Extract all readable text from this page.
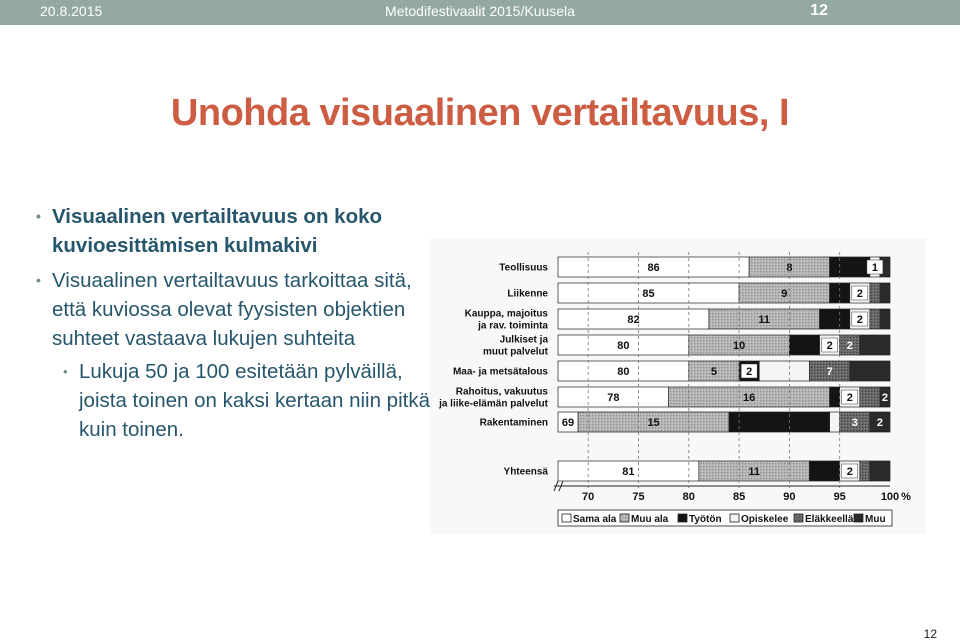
20.8.2015	Metodifestivaalit 2015/Kuusela	12
Unohda visuaalinen vertailtavuus, I
• Visuaalinen vertailtavuus on koko kuvioesittämisen kulmakivi
• Visuaalinen vertailtavuus tarkoittaa sitä, että kuviossa olevat fyysisten objektien suhteet vastaava lukujen suhteita
• Lukuja 50 ja 100 esitetään pylväillä, joista toinen on kaksi kertaan niin pitkä kuin toinen.
Teollisuus	86	8	1
Liikenne	85	9	2
Kauppa, majoitus ja rav. toiminta	82	11	2
Julkiset ja muut palvelut	80	10	2 2
Maa- ja metsätalous	80	5	2	7
Rahoitus, vakuutus ja liike-elämän palvelut	78	16	2	2
Rakentaminen 69	15	3 2
Yhteensä	81	11	2
70	75	80	85	90	95	100 %
Sama ala Muu ala Työtön Opiskelee Eläkkeellä Muu
12
